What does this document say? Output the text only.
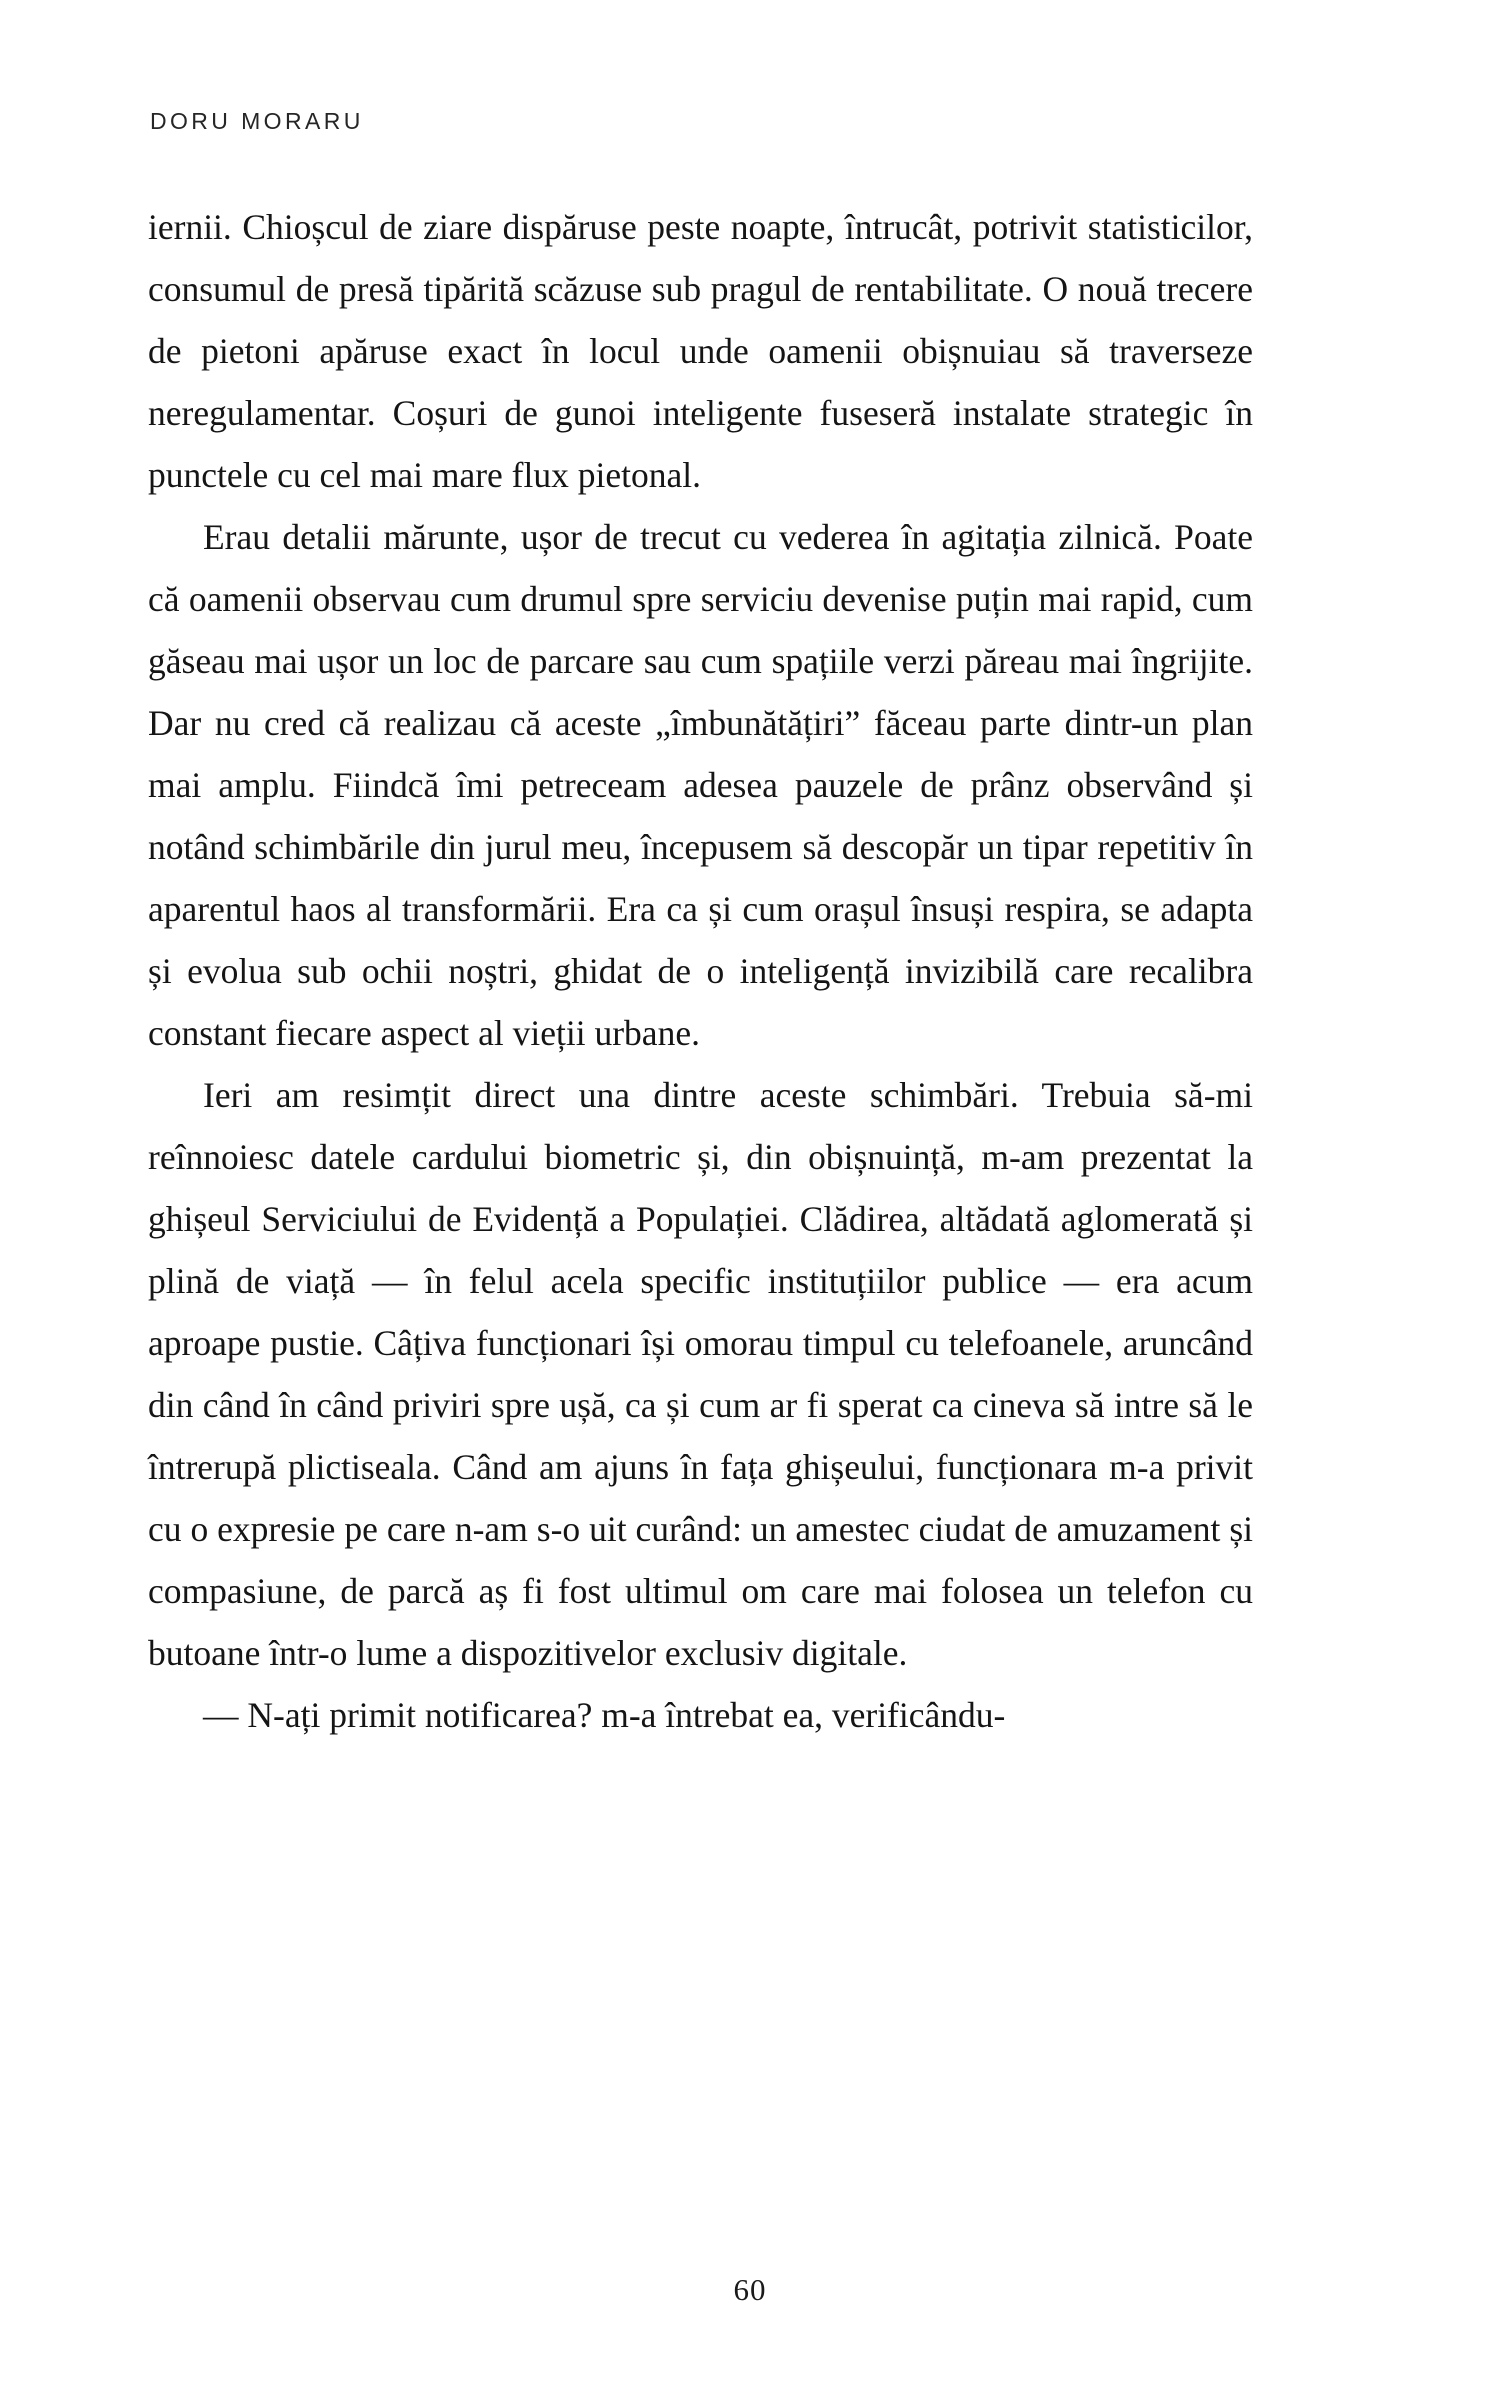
DORU MORARU

iernii. Chioșcul de ziare dispăruse peste noapte, întrucât, potrivit statisticilor, consumul de presă tipărită scăzuse sub pragul de rentabilitate. O nouă trecere de pietoni apăruse exact în locul unde oamenii obișnuiau să traverseze neregulamentar. Coșuri de gunoi inteligente fuseseră instalate strategic în punctele cu cel mai mare flux pietonal.

Erau detalii mărunte, ușor de trecut cu vederea în agitația zilnică. Poate că oamenii observau cum drumul spre serviciu devenise puțin mai rapid, cum găseau mai ușor un loc de parcare sau cum spațiile verzi păreau mai îngrijite. Dar nu cred că realizau că aceste „îmbunătățiri” făceau parte dintr-un plan mai amplu. Fiindcă îmi petreceam adesea pauzele de prânz observând și notând schimbările din jurul meu, începusem să descopăr un tipar repetitiv în aparentul haos al transformării. Era ca și cum orașul însuși respira, se adapta și evolua sub ochii noștri, ghidat de o inteligență invizibilă care recalibra constant fiecare aspect al vieții urbane.

Ieri am resimțit direct una dintre aceste schimbări. Trebuia să-mi reînnoiesc datele cardului biometric și, din obișnuință, m-am prezentat la ghișeul Serviciului de Evidență a Populației. Clădirea, altădată aglomerată și plină de viață — în felul acela specific instituțiilor publice — era acum aproape pustie. Câțiva funcționari își omorau timpul cu telefoanele, aruncând din când în când priviri spre ușă, ca și cum ar fi sperat ca cineva să intre să le întrerupă plictiseala. Când am ajuns în fața ghișeului, funcționara m-a privit cu o expresie pe care n-am s-o uit curând: un amestec ciudat de amuzament și compasiune, de parcă aș fi fost ultimul om care mai folosea un telefon cu butoane într-o lume a dispozitivelor exclusiv digitale.

— N-ați primit notificarea? m-a întrebat ea, verificându-

60
